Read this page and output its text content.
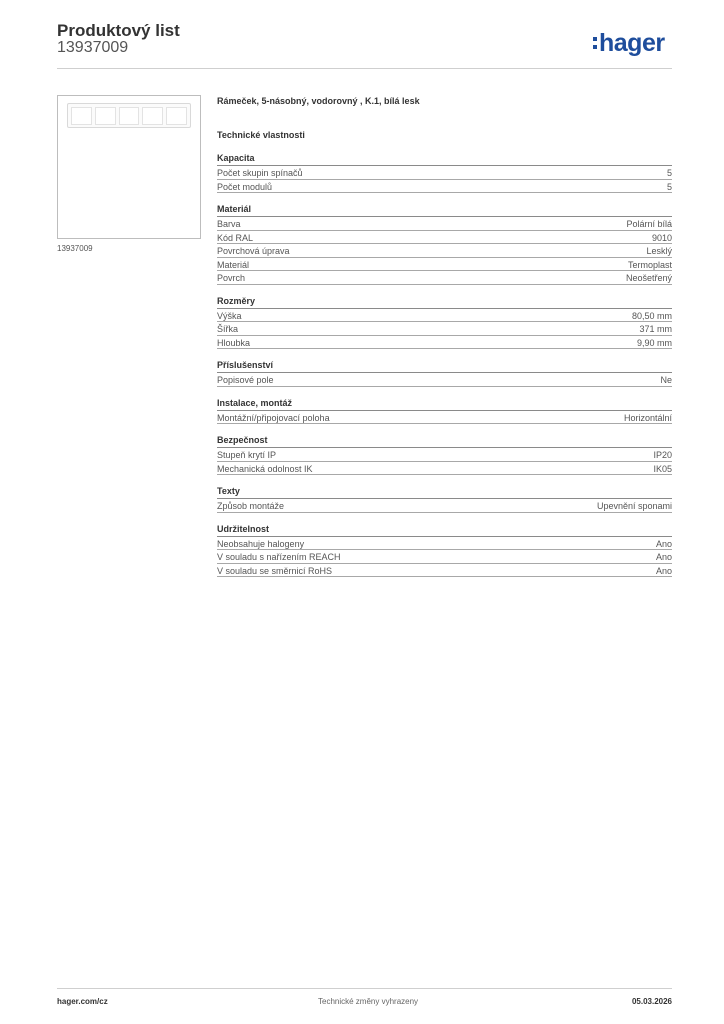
Produktový list
13937009	hager
13937009
Rámeček, 5-násobný, vodorovný , K.1, bílá lesk
Technické vlastnosti
Kapacita
Počet skupin spínačů	5
Počet modulů	5
Materiál
Barva	Polární bílá
Kód RAL	9010
Povrchová úprava	Lesklý
Materiál	Termoplast
Povrch	Neošetřený
Rozměry
Výška	80,50 mm
Šířka	371 mm
Hloubka	9,90 mm
Příslušenství
Popisové pole	Ne
Instalace, montáž
Montážní/připojovací poloha	Horizontální
Bezpečnost
Stupeň krytí IP	IP20
Mechanická odolnost IK	IK05
Texty
Způsob montáže	Upevnění sponami
Udržitelnost
Neobsahuje halogeny	Ano
V souladu s nařízením REACH	Ano
V souladu se směrnicí RoHS	Ano
hager.com/cz	Technické změny vyhrazeny	05.03.2026
